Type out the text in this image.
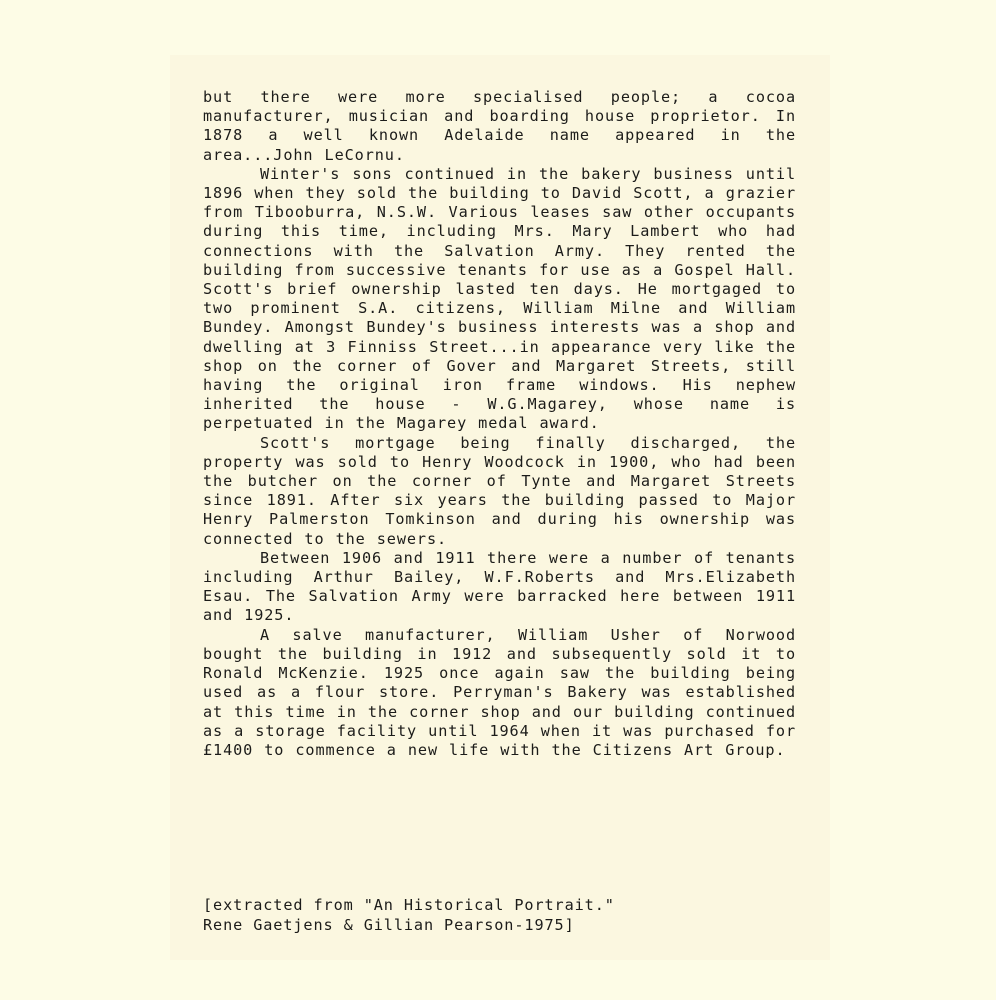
but there were more specialised people; a cocoa manufacturer, musician and boarding house proprietor. In 1878 a well known Adelaide name appeared in the area...John LeCornu.

Winter's sons continued in the bakery business until 1896 when they sold the building to David Scott, a grazier from Tibooburra, N.S.W. Various leases saw other occupants during this time, including Mrs. Mary Lambert who had connections with the Salvation Army. They rented the building from successive tenants for use as a Gospel Hall. Scott's brief ownership lasted ten days. He mortgaged to two prominent S.A. citizens, William Milne and William Bundey. Amongst Bundey's business interests was a shop and dwelling at 3 Finniss Street...in appearance very like the shop on the corner of Gover and Margaret Streets, still having the original iron frame windows. His nephew inherited the house - W.G.Magarey, whose name is perpetuated in the Magarey medal award.

Scott's mortgage being finally discharged, the property was sold to Henry Woodcock in 1900, who had been the butcher on the corner of Tynte and Margaret Streets since 1891. After six years the building passed to Major Henry Palmerston Tomkinson and during his ownership was connected to the sewers.

Between 1906 and 1911 there were a number of tenants including Arthur Bailey, W.F.Roberts and Mrs.Elizabeth Esau. The Salvation Army were barracked here between 1911 and 1925.

A salve manufacturer, William Usher of Norwood bought the building in 1912 and subsequently sold it to Ronald McKenzie. 1925 once again saw the building being used as a flour store. Perryman's Bakery was established at this time in the corner shop and our building continued as a storage facility until 1964 when it was purchased for £1400 to commence a new life with the Citizens Art Group.

[extracted from "An Historical Portrait."
Rene Gaetjens & Gillian Pearson-1975]
